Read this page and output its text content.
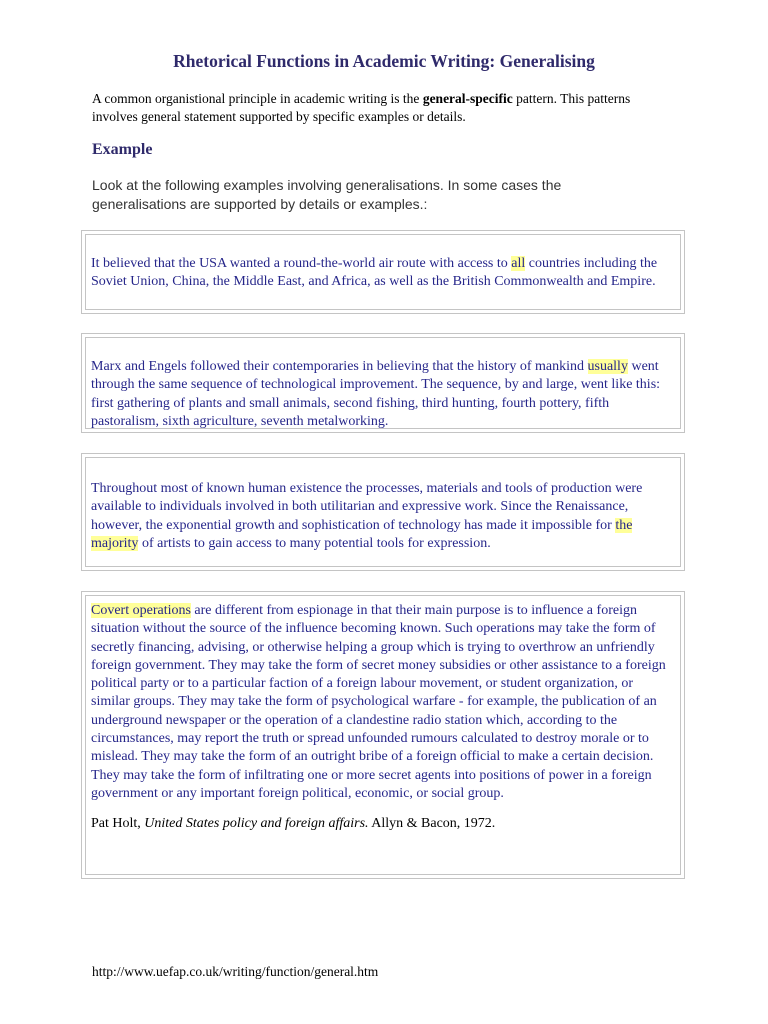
Rhetorical Functions in Academic Writing: Generalising

A common organistional principle in academic writing is the general-specific pattern. This patterns involves general statement supported by specific examples or details.

Example

Look at the following examples involving generalisations. In some cases the generalisations are supported by details or examples.:

It believed that the USA wanted a round-the-world air route with access to all countries including the Soviet Union, China, the Middle East, and Africa, as well as the British Commonwealth and Empire.
Marx and Engels followed their contemporaries in believing that the history of mankind usually went through the same sequence of technological improvement. The sequence, by and large, went like this: first gathering of plants and small animals, second fishing, third hunting, fourth pottery, fifth pastoralism, sixth agriculture, seventh metalworking.
Throughout most of known human existence the processes, materials and tools of production were available to individuals involved in both utilitarian and expressive work. Since the Renaissance, however, the exponential growth and sophistication of technology has made it impossible for the majority of artists to gain access to many potential tools for expression.
Covert operations are different from espionage in that their main purpose is to influence a foreign situation without the source of the influence becoming known. Such operations may take the form of secretly financing, advising, or otherwise helping a group which is trying to overthrow an unfriendly foreign government. They may take the form of secret money subsidies or other assistance to a foreign political party or to a particular faction of a foreign labour movement, or student organization, or similar groups. They may take the form of psychological warfare - for example, the publication of an underground newspaper or the operation of a clandestine radio station which, according to the circumstances, may report the truth or spread unfounded rumours calculated to destroy morale or to mislead. They may take the form of an outright bribe of a foreign official to make a certain decision. They may take the form of infiltrating one or more secret agents into positions of power in a foreign government or any important foreign political, economic, or social group.
Pat Holt, United States policy and foreign affairs. Allyn & Bacon, 1972.

http://www.uefap.co.uk/writing/function/general.htm
